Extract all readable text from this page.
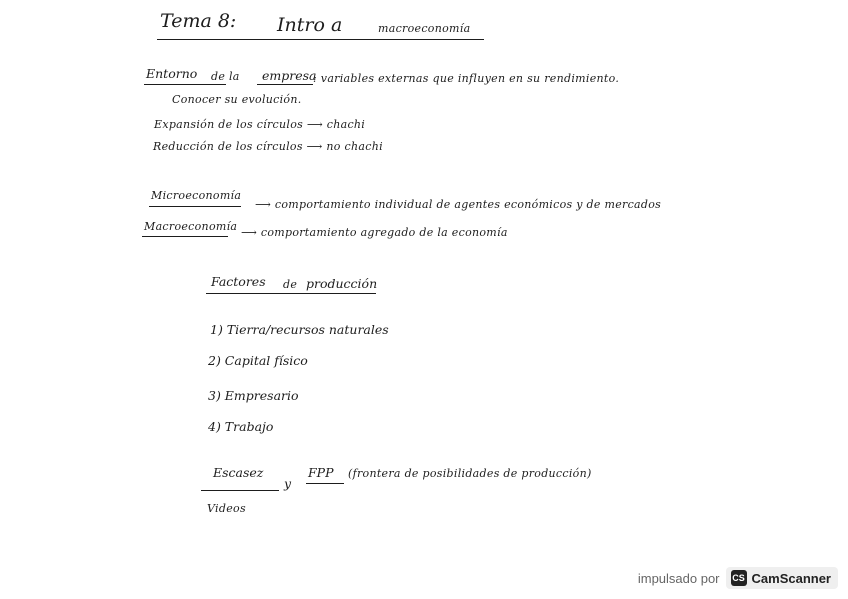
Tema 8: Intro a	macroeconomía
Entorno de la empresa
: variables externas que influyen en su rendimiento.
Conocer su evolución.
Expansión de los círculos ⟶ chachi
Reducción de los círculos ⟶ no chachi
Microeconomía
⟶ comportamiento individual de agentes económicos y de mercados
Macroeconomía ⟶ comportamiento agregado de la economía
Factores de producción
1) Tierra/recursos naturales
2) Capital físico
3) Empresario
4) Trabajo
Escasez
y
FPP (frontera de posibilidades de producción)
Videos
impulsado por CS CamScanner
